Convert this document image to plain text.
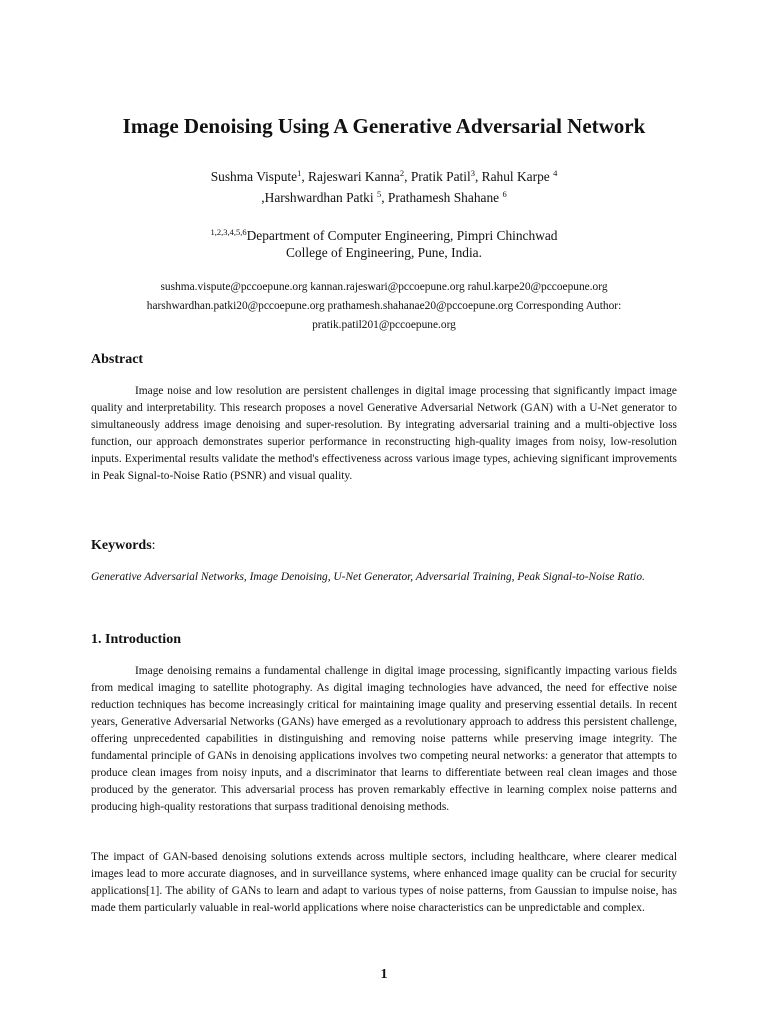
Image Denoising Using A Generative Adversarial Network
Sushma Vispute$^1$, Rajeswari Kanna$^2$, Pratik Patil$^3$, Rahul Karpe $^4$
,Harshwardhan Patki $^5$, Prathamesh Shahane $^6$
$^{1,2,3,4,5,6}$Department of Computer Engineering, Pimpri Chinchwad
College of Engineering, Pune, India.
sushma.vispute@pccoepune.org kannan.rajeswari@pccoepune.org rahul.karpe20@pccoepune.org
harshwardhan.patki20@pccoepune.org prathamesh.shahanae20@pccoepune.org Corresponding Author:
pratik.patil201@pccoepune.org
Abstract

Image noise and low resolution are persistent challenges in digital image processing that significantly impact image quality and interpretability. This research proposes a novel Generative Adversarial Network (GAN) with a U-Net generator to simultaneously address image denoising and super-resolution. By integrating adversarial training and a multi-objective loss function, our approach demonstrates superior performance in reconstructing high-quality images from noisy, low-resolution inputs. Experimental results validate the method's effectiveness across various image types, achieving significant improvements in Peak Signal-to-Noise Ratio (PSNR) and visual quality.

Keywords:

Generative Adversarial Networks, Image Denoising, U-Net Generator, Adversarial Training, Peak Signal-to-Noise Ratio.

1. Introduction

Image denoising remains a fundamental challenge in digital image processing, significantly impacting various fields from medical imaging to satellite photography. As digital imaging technologies have advanced, the need for effective noise reduction techniques has become increasingly critical for maintaining image quality and preserving essential details. In recent years, Generative Adversarial Networks (GANs) have emerged as a revolutionary approach to address this persistent challenge, offering unprecedented capabilities in distinguishing and removing noise patterns while preserving image integrity. The fundamental principle of GANs in denoising applications involves two competing neural networks: a generator that attempts to produce clean images from noisy inputs, and a discriminator that learns to differentiate between real clean images and those produced by the generator. This adversarial process has proven remarkably effective in learning complex noise patterns and producing high-quality restorations that surpass traditional denoising methods.

The impact of GAN-based denoising solutions extends across multiple sectors, including healthcare, where clearer medical images lead to more accurate diagnoses, and in surveillance systems, where enhanced image quality can be crucial for security applications[1]. The ability of GANs to learn and adapt to various types of noise patterns, from Gaussian to impulse noise, has made them particularly valuable in real-world applications where noise characteristics can be unpredictable and complex.

1
